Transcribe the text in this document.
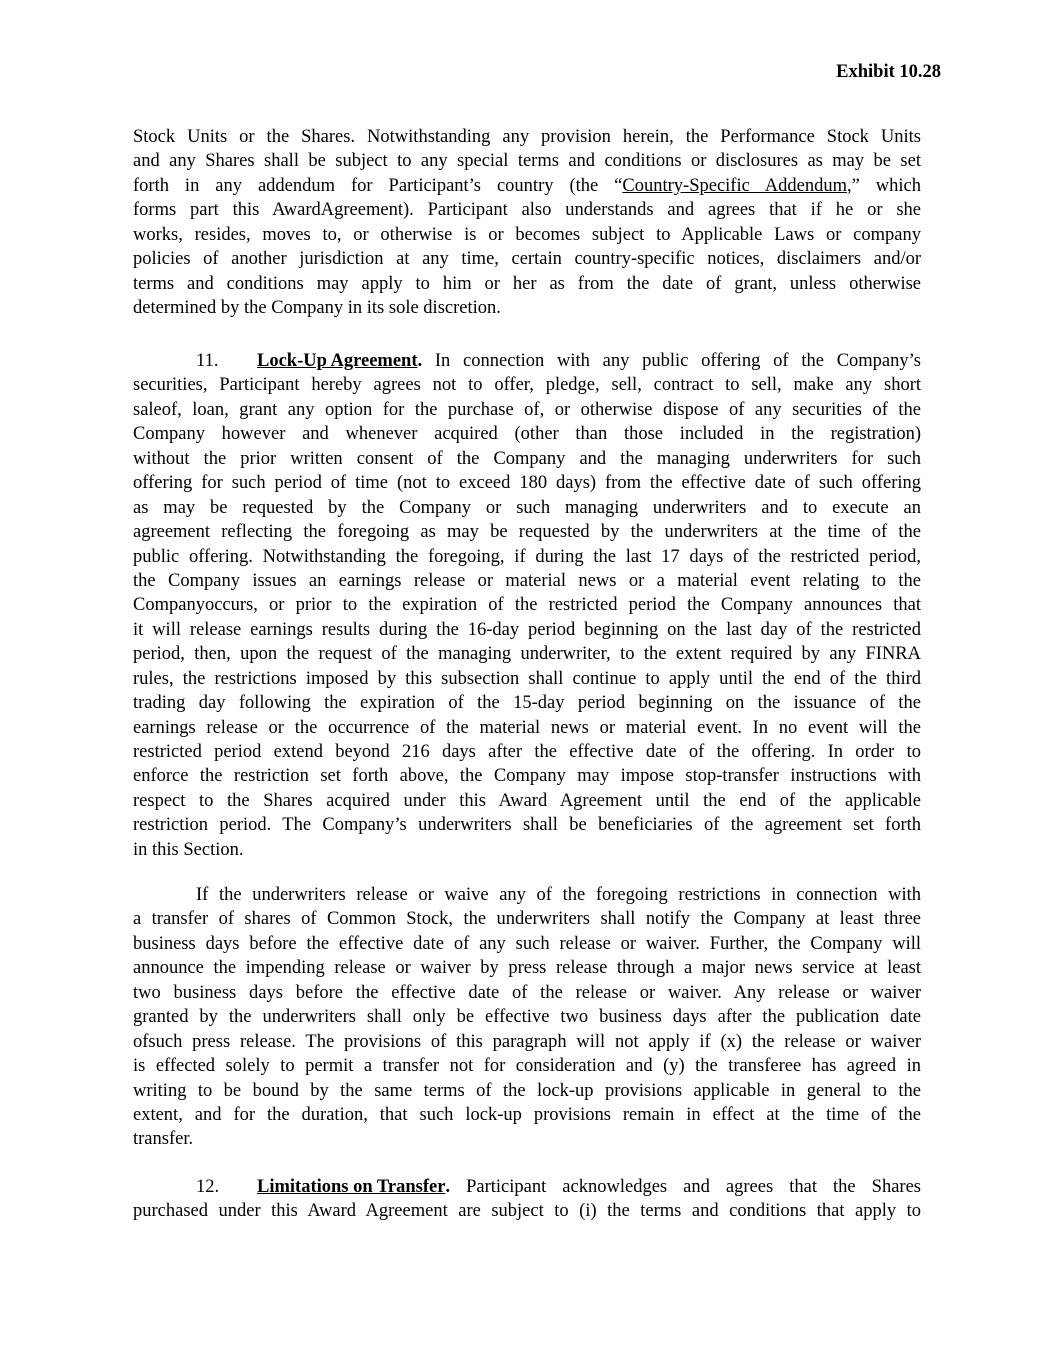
Exhibit 10.28
Stock Units or the Shares. Notwithstanding any provision herein, the Performance Stock Units
and any Shares shall be subject to any special terms and conditions or disclosures as may be set
forth in any addendum for Participant’s country (the “Country-Specific Addendum,” which
forms part this AwardAgreement). Participant also understands and agrees that if he or she
works, resides, moves to, or otherwise is or becomes subject to Applicable Laws or company
policies of another jurisdiction at any time, certain country-specific notices, disclaimers and/or
terms and conditions may apply to him or her as from the date of grant, unless otherwise
determined by the Company in its sole discretion.
11.	Lock-Up Agreement . In connection with any public offering of the Company’s
securities, Participant hereby agrees not to offer, pledge, sell, contract to sell, make any short
saleof, loan, grant any option for the purchase of, or otherwise dispose of any securities of the
Company however and whenever acquired (other than those included in the registration)
without the prior written consent of the Company and the managing underwriters for such
offering for such period of time (not to exceed 180 days) from the effective date of such offering
as may be requested by the Company or such managing underwriters and to execute an
agreement reflecting the foregoing as may be requested by the underwriters at the time of the
public offering. Notwithstanding the foregoing, if during the last 17 days of the restricted period,
the Company issues an earnings release or material news or a material event relating to the
Companyoccurs, or prior to the expiration of the restricted period the Company announces that
it will release earnings results during the 16-day period beginning on the last day of the restricted
period, then, upon the request of the managing underwriter, to the extent required by any FINRA
rules, the restrictions imposed by this subsection shall continue to apply until the end of the third
trading day following the expiration of the 15-day period beginning on the issuance of the
earnings release or the occurrence of the material news or material event. In no event will the
restricted period extend beyond 216 days after the effective date of the offering. In order to
enforce the restriction set forth above, the Company may impose stop-transfer instructions with
respect to the Shares acquired under this Award Agreement until the end of the applicable
restriction period. The Company’s underwriters shall be beneficiaries of the agreement set forth
in this Section.
If the underwriters release or waive any of the foregoing restrictions in connection with
a transfer of shares of Common Stock, the underwriters shall notify the Company at least three
business days before the effective date of any such release or waiver. Further, the Company will
announce the impending release or waiver by press release through a major news service at least
two business days before the effective date of the release or waiver. Any release or waiver
granted by the underwriters shall only be effective two business days after the publication date
ofsuch press release. The provisions of this paragraph will not apply if (x) the release or waiver
is effected solely to permit a transfer not for consideration and (y) the transferee has agreed in
writing to be bound by the same terms of the lock-up provisions applicable in general to the
extent, and for the duration, that such lock-up provisions remain in effect at the time of the
transfer.
12.	Limitations on Transfer . Participant acknowledges and agrees that the Shares
purchased under this Award Agreement are subject to (i) the terms and conditions that apply to
